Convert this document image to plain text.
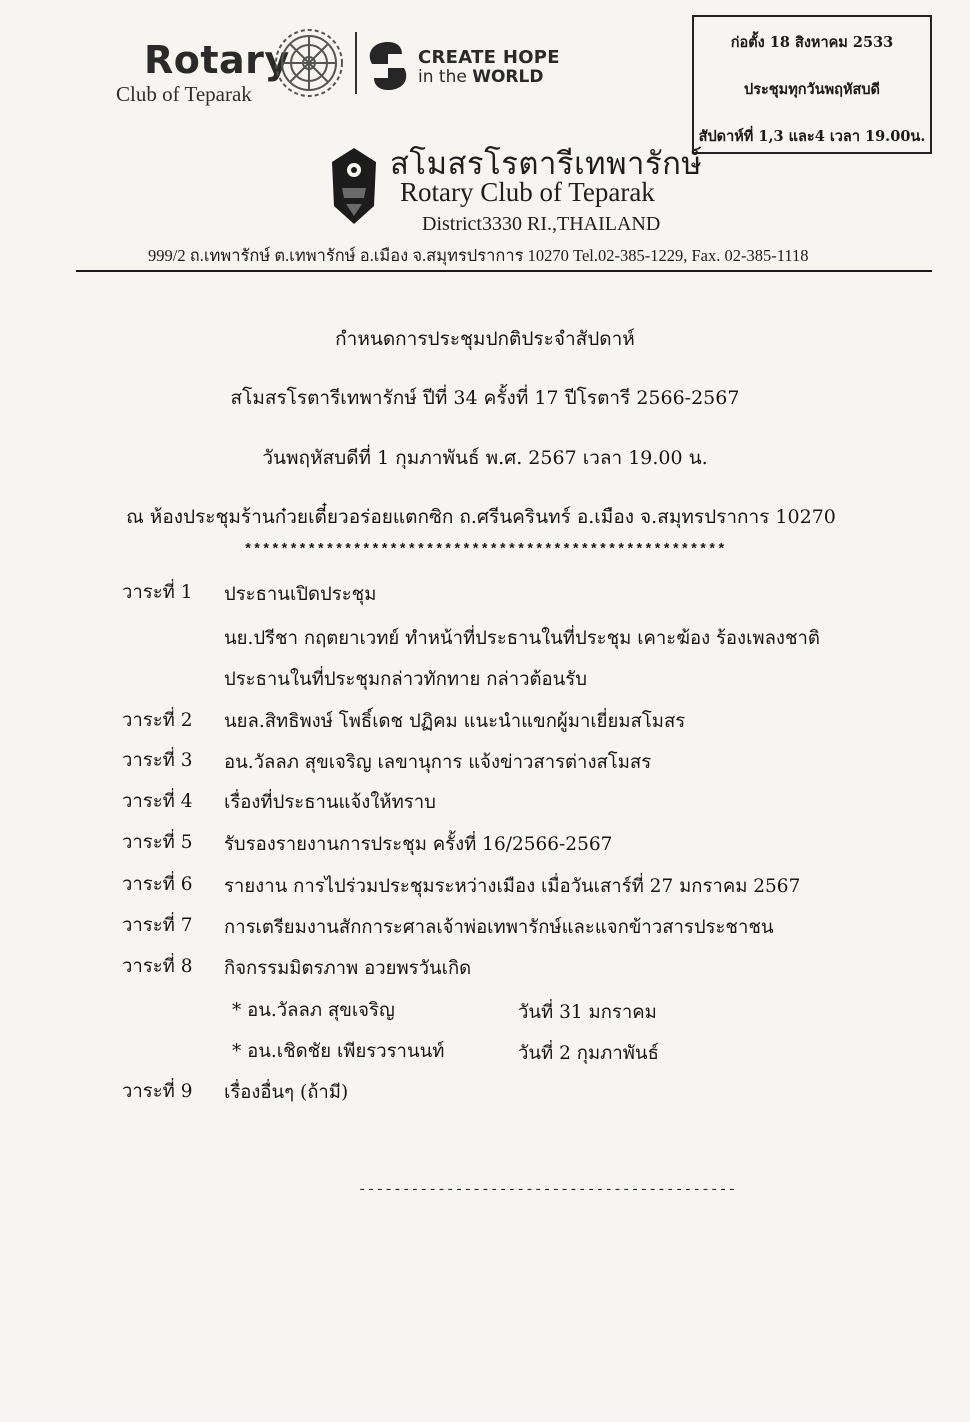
Rotary
Club of Teparak
CREATE HOPE
in the WORLD
ก่อตั้ง 18 สิงหาคม 2533
ประชุมทุกวันพฤหัสบดี
สัปดาห์ที่ 1,3 และ4 เวลา 19.00น.
สโมสรโรตารีเทพารักษ์
Rotary Club of Teparak
District3330 RI.,THAILAND
999/2 ถ.เทพารักษ์ ต.เทพารักษ์ อ.เมือง จ.สมุทรปราการ 10270 Tel.02-385-1229, Fax. 02-385-1118
กำหนดการประชุมปกติประจำสัปดาห์
สโมสรโรตารีเทพารักษ์ ปีที่ 34 ครั้งที่ 17 ปีโรตารี 2566-2567
วันพฤหัสบดีที่ 1 กุมภาพันธ์ พ.ศ. 2567 เวลา 19.00 น.
ณ ห้องประชุมร้านก๋วยเตี๋ยวอร่อยแตกซิก ถ.ศรีนครินทร์ อ.เมือง จ.สมุทรปราการ 10270
*****************************************************
วาระที่ 1 ประธานเปิดประชุม
นย.ปรีชา กฤตยาเวทย์ ทำหน้าที่ประธานในที่ประชุม เคาะฆ้อง ร้องเพลงชาติ
ประธานในที่ประชุมกล่าวทักทาย กล่าวต้อนรับ
วาระที่ 2 นยล.สิทธิพงษ์ โพธิ์เดช ปฏิคม แนะนำแขกผู้มาเยี่ยมสโมสร
วาระที่ 3 อน.วัลลภ สุขเจริญ เลขานุการ แจ้งข่าวสารต่างสโมสร
วาระที่ 4 เรื่องที่ประธานแจ้งให้ทราบ
วาระที่ 5 รับรองรายงานการประชุม ครั้งที่ 16/2566-2567
วาระที่ 6 รายงาน การไปร่วมประชุมระหว่างเมือง เมื่อวันเสาร์ที่ 27 มกราคม 2567
วาระที่ 7 การเตรียมงานสักการะศาลเจ้าพ่อเทพารักษ์และแจกข้าวสารประชาชน
วาระที่ 8 กิจกรรมมิตรภาพ อวยพรวันเกิด
* อน.วัลลภ สุขเจริญ	วันที่ 31 มกราคม
* อน.เชิดชัย เพียรวรานนท์	วันที่ 2 กุมภาพันธ์
วาระที่ 9 เรื่องอื่นๆ (ถ้ามี)
-------------------------------------------
